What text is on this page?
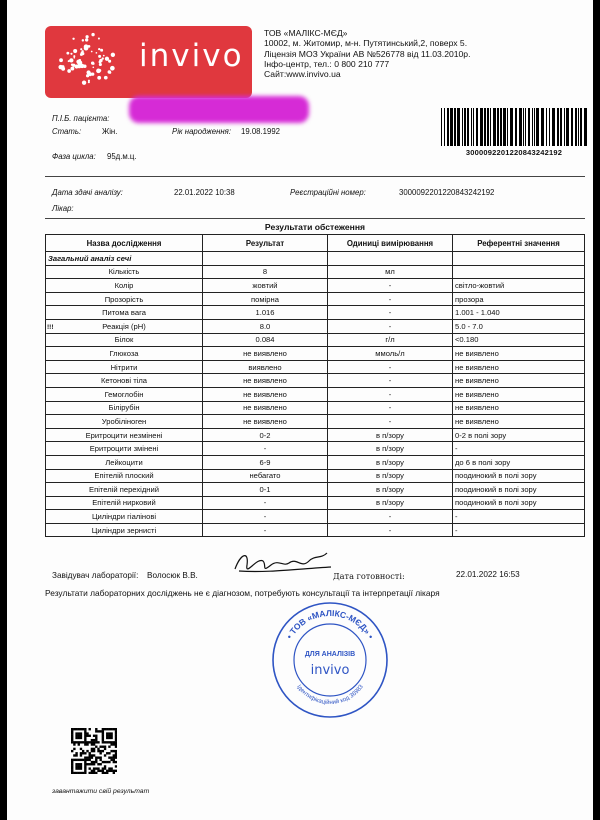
invivo
ТОВ «МАЛІКС-МЄД»
10002, м. Житомир, м-н. Путятинський,2, поверх 5.
Ліцензія МОЗ України АВ №526778 від 11.03.2010р.
Інфо-центр, тел.: 0 800 210 777
Сайт:www.invivo.ua
300009220122084324219​2
П.І.Б. пацієнта:
Стать:	Жін.	Рік народження: 19.08.1992
Фаза цикла: 95д.м.ц.
Дата здачі аналізу:	22.01.2022 10:38	Реєстраційні номер:	300009220122084324219​2
Лікар:
Результати обстеження
Назва дослідження	Результат	Одиниці вимірювання	Референтні значення
Загальний аналіз сечі			
Кількість	8	мл	
Колір	жовтий	-	світло-жовтий
Прозорість	помірна	-	прозора
Питома вага	1.016	-	1.001 - 1.040
Реакція (pH)	8.0	-	5.0 - 7.0
Білок	0.084	г/л	<0.180
Глюкоза	не виявлено	ммоль/л	не виявлено
Нітрити	виявлено	-	не виявлено
Кетонові тіла	не виявлено	-	не виявлено
Гемоглобін	не виявлено	-	не виявлено
Білірубін	не виявлено	-	не виявлено
Уробіліноген	не виявлено	-	не виявлено
Еритроцити незмінені	0-2	в п/зору	0-2 в полі зору
Еритроцити змінені	-	в п/зору	-
Лейкоцити	6-9	в п/зору	до 6 в полі зору
Епітелій плоский	небагато	в п/зору	поодинокий в полі зору
Епітелій перехідний	0-1	в п/зору	поодинокий в полі зору
Епітелій нирковий	-	в п/зору	поодинокий в полі зору
Циліндри гіалінові	-	-	-
Циліндри зернисті	-	-	-
!!!
Завідувач лабораторії: Волосюк В.В.	Дата готовності:	22.01.2022 16:53
Результати лабораторних досліджень не є діагнозом, потребують консультації та інтерпретації лікаря
• ТОВ «МАЛІКС-МЄД» •
Ідентифікаційний код 36983
ДЛЯ АНАЛІЗІВ
invivo
завантажити свій результат
